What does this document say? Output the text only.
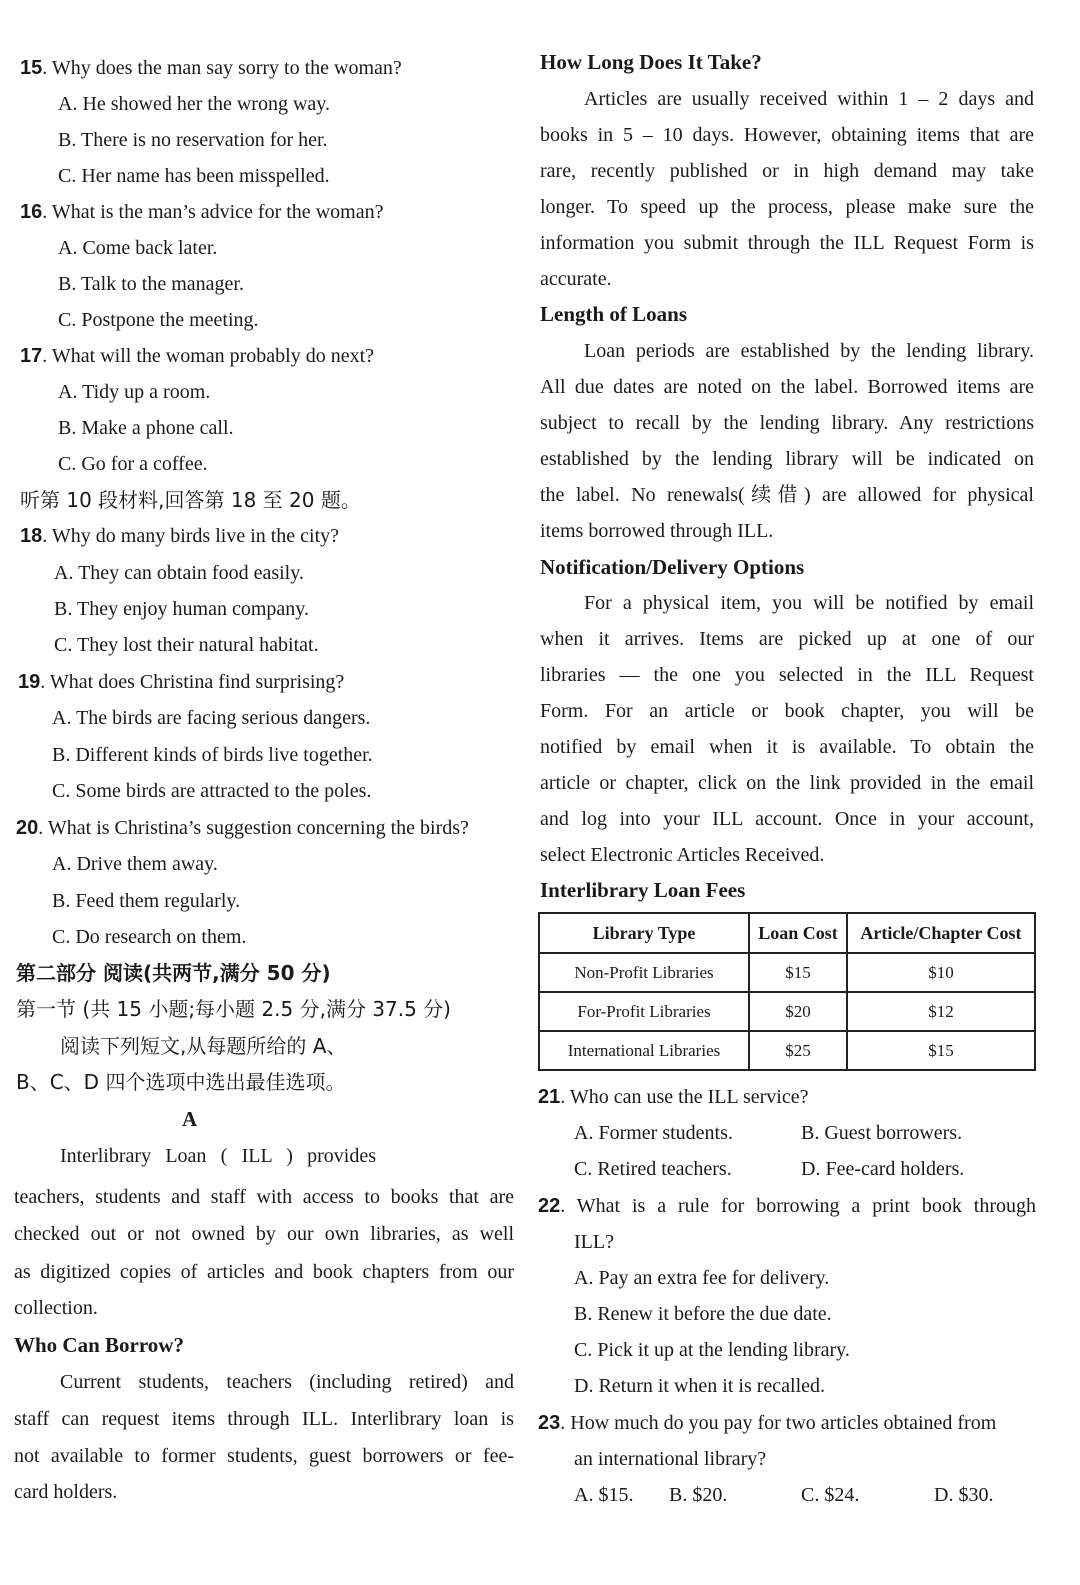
15. Why does the man say sorry to the woman?
A. He showed her the wrong way.
B. There is no reservation for her.
C. Her name has been misspelled.
16. What is the man’s advice for the woman?
A. Come back later.
B. Talk to the manager.
C. Postpone the meeting.
17. What will the woman probably do next?
A. Tidy up a room.
B. Make a phone call.
C. Go for a coffee.
听第 10 段材料,回答第 18 至 20 题。
18. Why do many birds live in the city?
A. They can obtain food easily.
B. They enjoy human company.
C. They lost their natural habitat.
19. What does Christina find surprising?
A. The birds are facing serious dangers.
B. Different kinds of birds live together.
C. Some birds are attracted to the poles.
20. What is Christina’s suggestion concerning the birds?
A. Drive them away.
B. Feed them regularly.
C. Do research on them.
第二部分 阅读(共两节,满分 50 分)
第一节 (共 15 小题;每小题 2.5 分,满分 37.5 分)
阅读下列短文,从每题所给的 A、
B、C、D 四个选项中选出最佳选项。
A
Interlibrary Loan ( ILL ) provides
teachers, students and staff with access to books that are
checked out or not owned by our own libraries, as well
as digitized copies of articles and book chapters from our
collection.
Who Can Borrow?
Current students, teachers (including retired) and
staff can request items through ILL. Interlibrary loan is
not available to former students, guest borrowers or fee-
card holders.
How Long Does It Take?
Articles are usually received within 1 – 2 days and
books in 5 – 10 days. However, obtaining items that are
rare, recently published or in high demand may take
longer. To speed up the process, please make sure the
information you submit through the ILL Request Form is
accurate.
Length of Loans
Loan periods are established by the lending library.
All due dates are noted on the label. Borrowed items are
subject to recall by the lending library. Any restrictions
established by the lending library will be indicated on
the label. No renewals(续借) are allowed for physical
items borrowed through ILL.
Notification/Delivery Options
For a physical item, you will be notified by email
when it arrives. Items are picked up at one of our
libraries — the one you selected in the ILL Request
Form. For an article or book chapter, you will be
notified by email when it is available. To obtain the
article or chapter, click on the link provided in the email
and log into your ILL account. Once in your account,
select Electronic Articles Received.
Interlibrary Loan Fees
21. Who can use the ILL service?
A. Former students.	B. Guest borrowers.
C. Retired teachers.	D. Fee-card holders.
22. What is a rule for borrowing a print book through
ILL?
A. Pay an extra fee for delivery.
B. Renew it before the due date.
C. Pick it up at the lending library.
D. Return it when it is recalled.
23. How much do you pay for two articles obtained from
an international library?
A. $15. B. $20.	C. $24.	D. $30.
Library Type	Loan Cost	Article/Chapter Cost
Non-Profit Libraries	$15	$10
For-Profit Libraries	$20	$12
International Libraries	$25	$15
